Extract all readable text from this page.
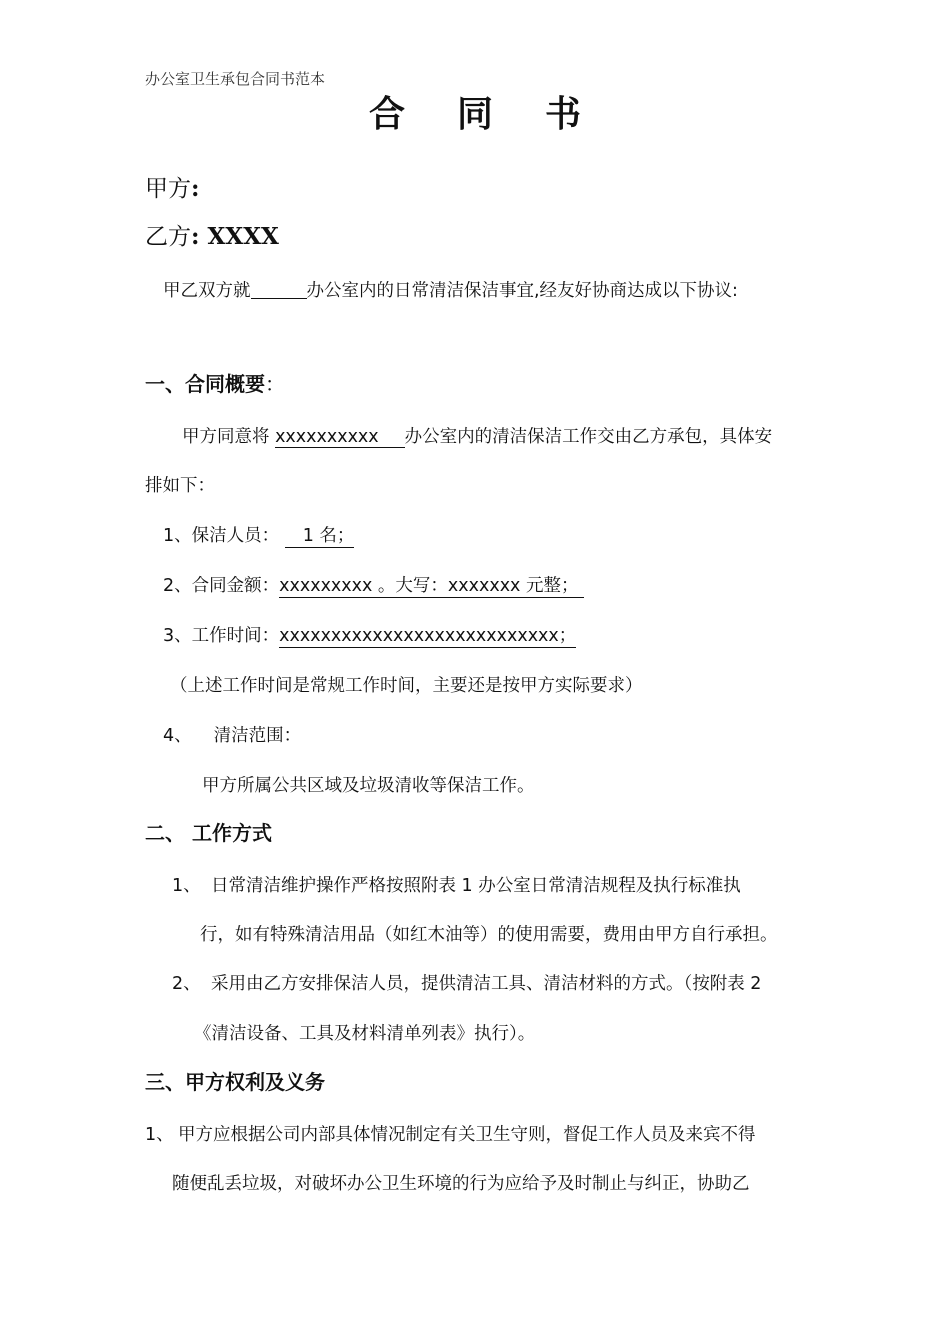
办公室卫生承包合同书范本
合同书
甲方:
乙方: XXXX
甲乙双方就	办公室内的日常清洁保洁事宜,经友好协商达成以下协议:
一、合同概要：
甲方同意将 xxxxxxxxxx 办公室内的清洁保洁工作交由乙方承包，具体安
排如下：
1、保洁人员： 1 名；
2、合同金额：xxxxxxxxx 。大写：xxxxxxx 元整；
3、工作时间：xxxxxxxxxxxxxxxxxxxxxxxxxxx；
（上述工作时间是常规工作时间，主要还是按甲方实际要求）
4、 清洁范围：
甲方所属公共区域及垃圾清收等保洁工作。
二、 工作方式
1、 日常清洁维护操作严格按照附表 1 办公室日常清洁规程及执行标准执
行，如有特殊清洁用品（如红木油等）的使用需要，费用由甲方自行承担。
2、 采用由乙方安排保洁人员，提供清洁工具、清洁材料的方式。（按附表 2
《清洁设备、工具及材料清单列表》执行）。
三、甲方权利及义务
1、 甲方应根据公司内部具体情况制定有关卫生守则，督促工作人员及来宾不得
随便乱丢垃圾，对破坏办公卫生环境的行为应给予及时制止与纠正，协助乙
